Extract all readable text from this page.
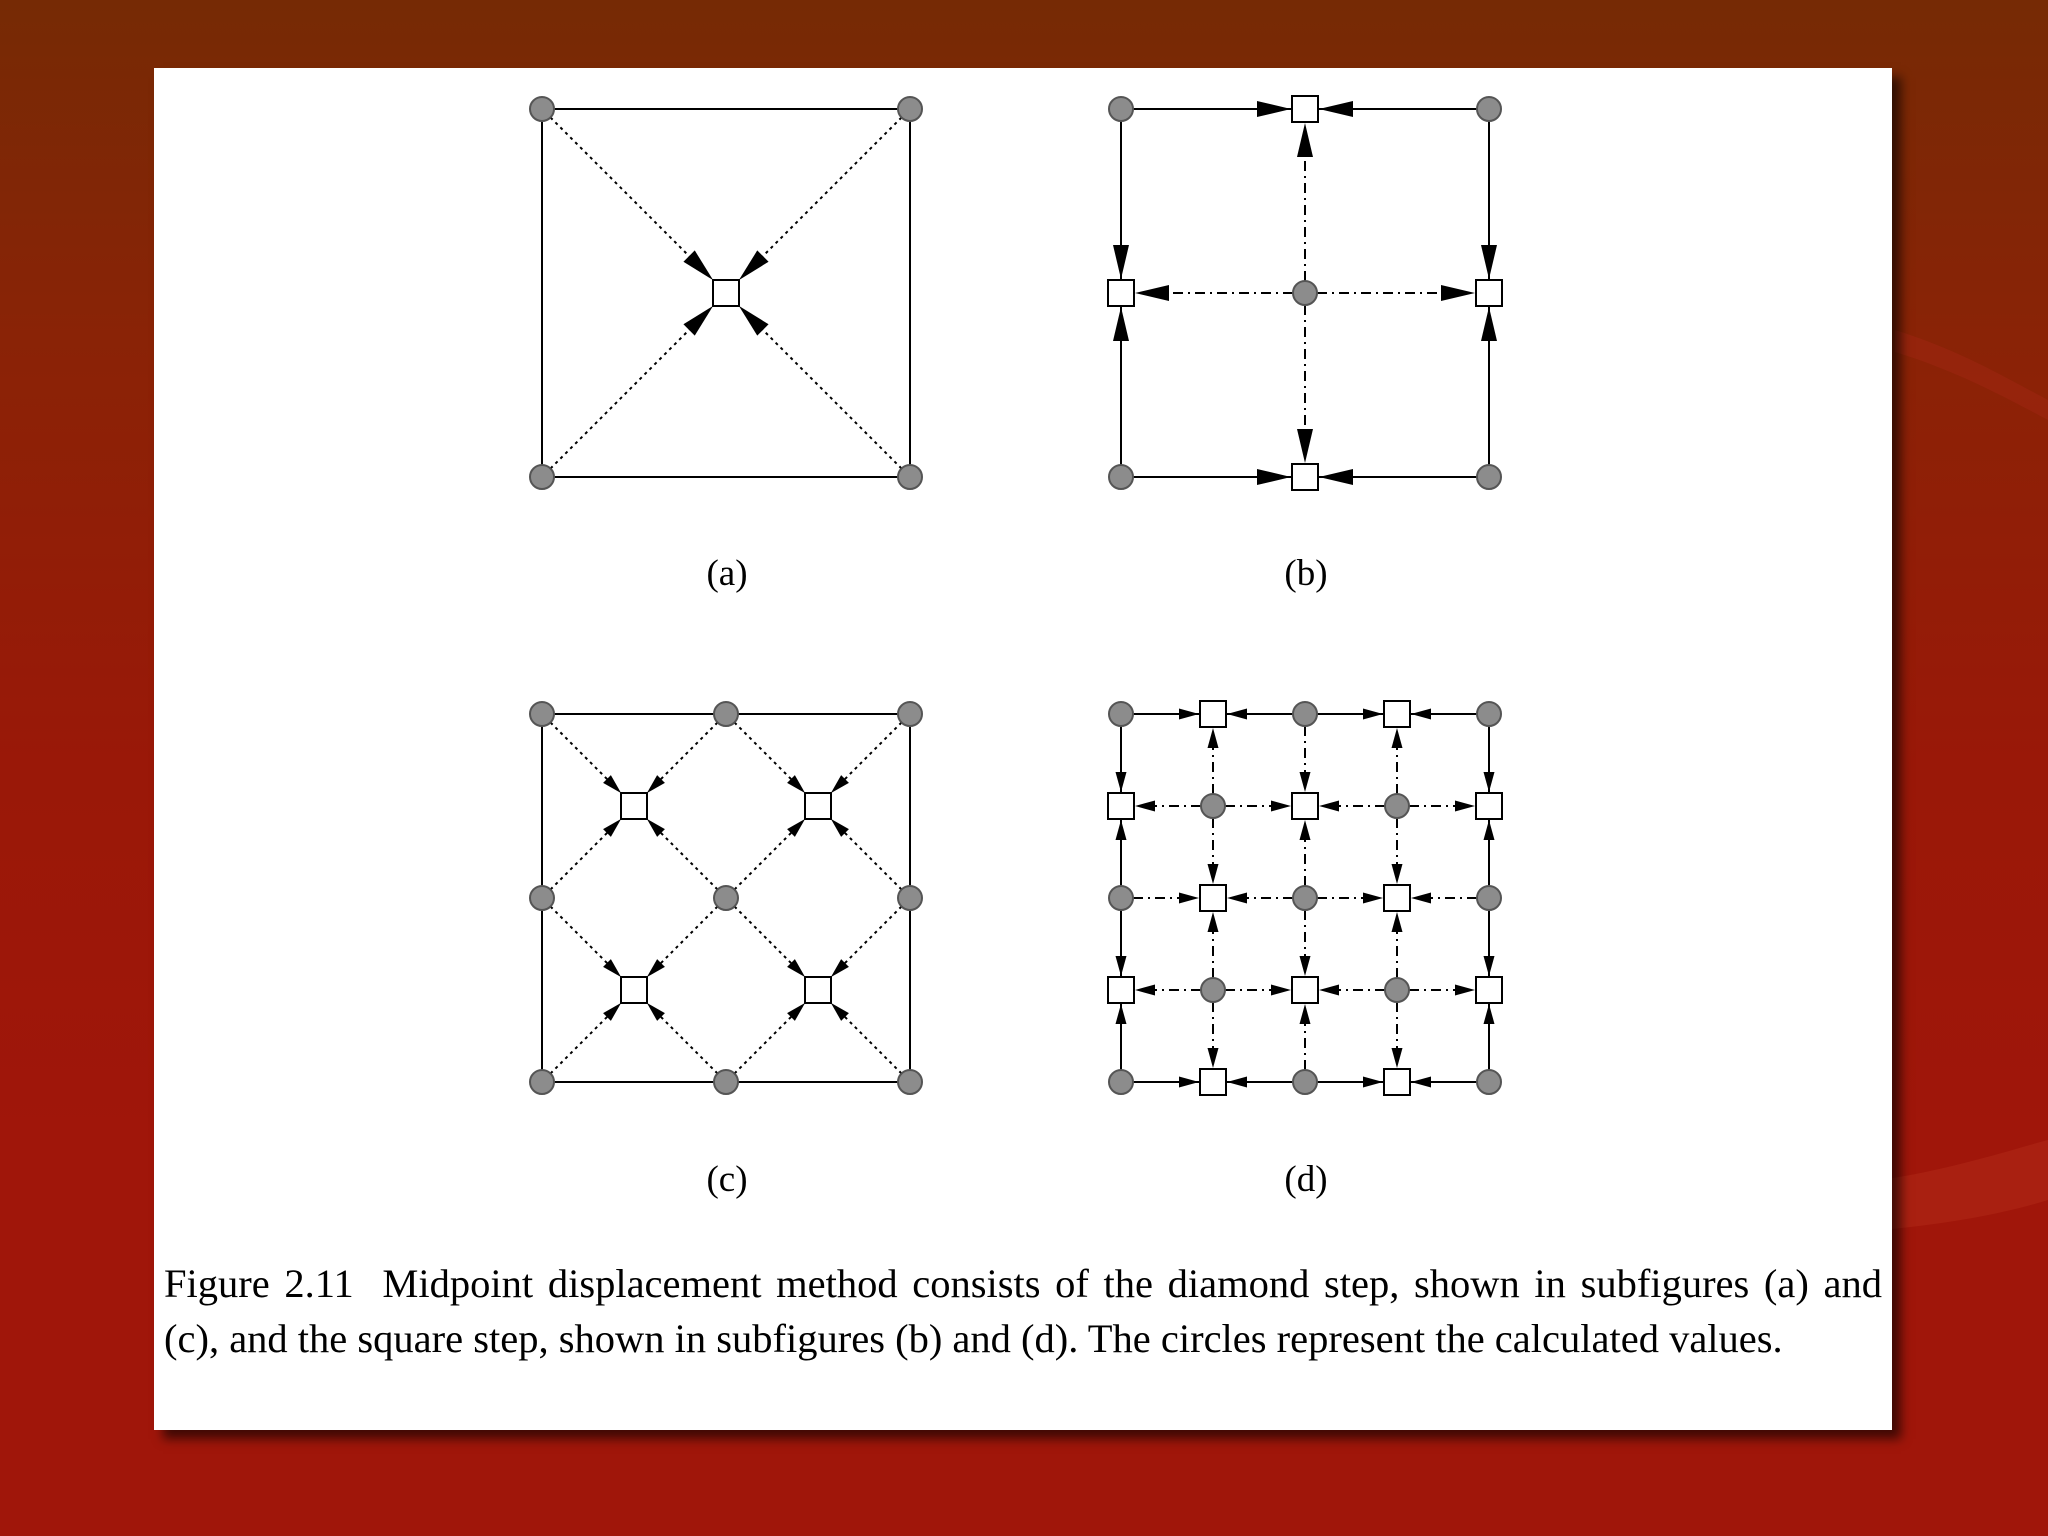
(a)	(b)
(c)	(d)

Figure 2.11 Midpoint displacement method consists of the diamond step, shown in subfigures (a) and (c), and the square step, shown in subfigures (b) and (d). The circles represent the calculated values.
